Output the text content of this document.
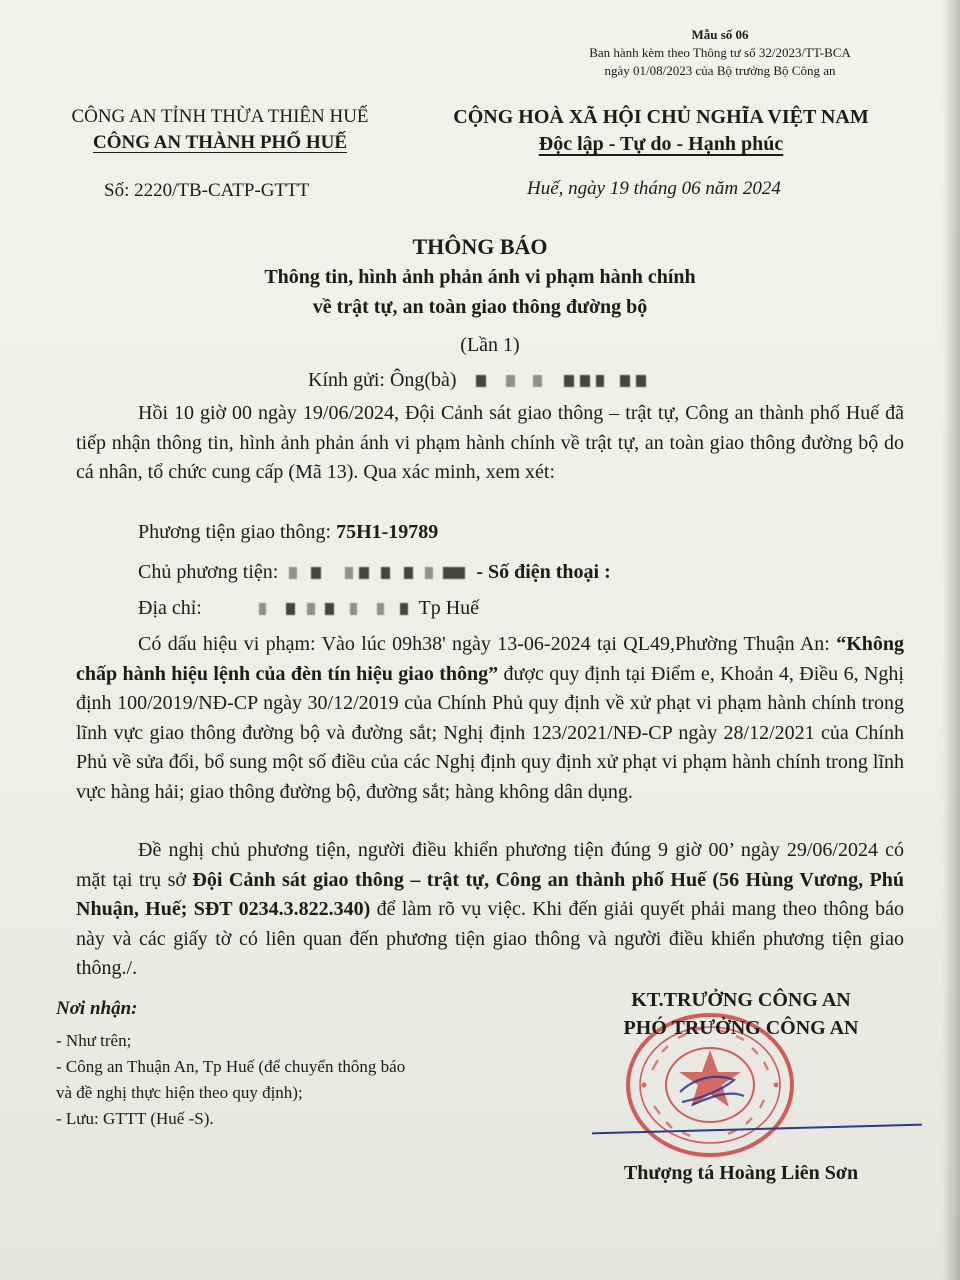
Mẫu số 06
Ban hành kèm theo Thông tư số 32/2023/TT-BCA
ngày 01/08/2023 của Bộ trưởng Bộ Công an
CÔNG AN TỈNH THỪA THIÊN HUẾ
CÔNG AN THÀNH PHỐ HUẾ
Số: 2220/TB-CATP-GTTT
CỘNG HOÀ XÃ HỘI CHỦ NGHĨA VIỆT NAM
Độc lập - Tự do - Hạnh phúc
Huế, ngày 19 tháng 06 năm 2024
THÔNG BÁO
Thông tin, hình ảnh phản ánh vi phạm hành chính
về trật tự, an toàn giao thông đường bộ
(Lần 1)
Kính gửi: Ông(bà)
Hồi 10 giờ 00 ngày 19/06/2024, Đội Cảnh sát giao thông – trật tự, Công an thành phố Huế đã tiếp nhận thông tin, hình ảnh phản ánh vi phạm hành chính về trật tự, an toàn giao thông đường bộ do cá nhân, tổ chức cung cấp (Mã 13). Qua xác minh, xem xét:
Phương tiện giao thông: 75H1-19789
Chủ phương tiện:	- Số điện thoại :
Địa chỉ:	Tp Huế
Có dấu hiệu vi phạm: Vào lúc 09h38' ngày 13-06-2024 tại QL49,Phường Thuận An: “Không chấp hành hiệu lệnh của đèn tín hiệu giao thông” được quy định tại Điểm e, Khoản 4, Điều 6, Nghị định 100/2019/NĐ-CP ngày 30/12/2019 của Chính Phủ quy định về xử phạt vi phạm hành chính trong lĩnh vực giao thông đường bộ và đường sắt; Nghị định 123/2021/NĐ-CP ngày 28/12/2021 của Chính Phủ về sửa đổi, bổ sung một số điều của các Nghị định quy định xử phạt vi phạm hành chính trong lĩnh vực hàng hải; giao thông đường bộ, đường sắt; hàng không dân dụng.
Đề nghị chủ phương tiện, người điều khiển phương tiện đúng 9 giờ 00’ ngày 29/06/2024 có mặt tại trụ sở Đội Cảnh sát giao thông – trật tự, Công an thành phố Huế (56 Hùng Vương, Phú Nhuận, Huế; SĐT 0234.3.822.340) để làm rõ vụ việc. Khi đến giải quyết phải mang theo thông báo này và các giấy tờ có liên quan đến phương tiện giao thông và người điều khiển phương tiện giao thông./.
Nơi nhận:
- Như trên;
- Công an Thuận An, Tp Huế (để chuyển thông báo
và đề nghị thực hiện theo quy định);
- Lưu: GTTT (Huế -S).
KT.TRƯỞNG CÔNG AN
PHÓ TRƯỞNG CÔNG AN
Thượng tá Hoàng Liên Sơn
